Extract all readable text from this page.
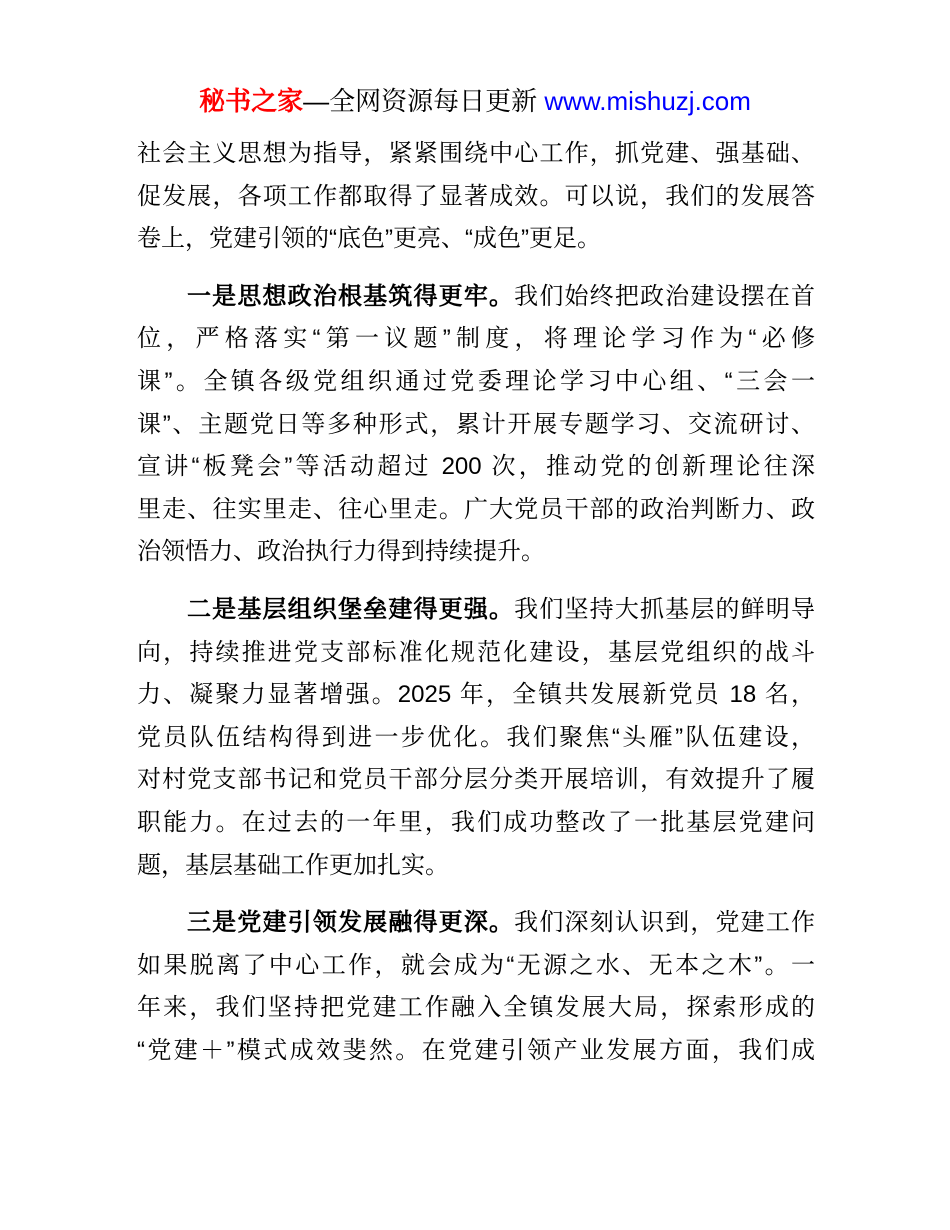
秘书之家—全网资源每日更新 www.mishuzj.com
社会主义思想为指导，紧紧围绕中心工作，抓党建、强基础、
促发展，各项工作都取得了显著成效。可以说，我们的发展答
卷上，党建引领的“底色”更亮、“成色”更足。
一是思想政治根基筑得更牢。我们始终把政治建设摆在首
位，严格落实“第一议题”制度，将理论学习作为“必修
课”。全镇各级党组织通过党委理论学习中心组、“三会一
课”、主题党日等多种形式，累计开展专题学习、交流研讨、
宣讲“板凳会”等活动超过 200 次，推动党的创新理论往深
里走、往实里走、往心里走。广大党员干部的政治判断力、政
治领悟力、政治执行力得到持续提升。
二是基层组织堡垒建得更强。我们坚持大抓基层的鲜明导
向，持续推进党支部标准化规范化建设，基层党组织的战斗
力、凝聚力显著增强。2025 年，全镇共发展新党员 18 名，
党员队伍结构得到进一步优化。我们聚焦“头雁”队伍建设，
对村党支部书记和党员干部分层分类开展培训，有效提升了履
职能力。在过去的一年里，我们成功整改了一批基层党建问
题，基层基础工作更加扎实。
三是党建引领发展融得更深。我们深刻认识到，党建工作
如果脱离了中心工作，就会成为“无源之水、无本之木”。一
年来，我们坚持把党建工作融入全镇发展大局，探索形成的
“党建＋”模式成效斐然。在党建引领产业发展方面，我们成
